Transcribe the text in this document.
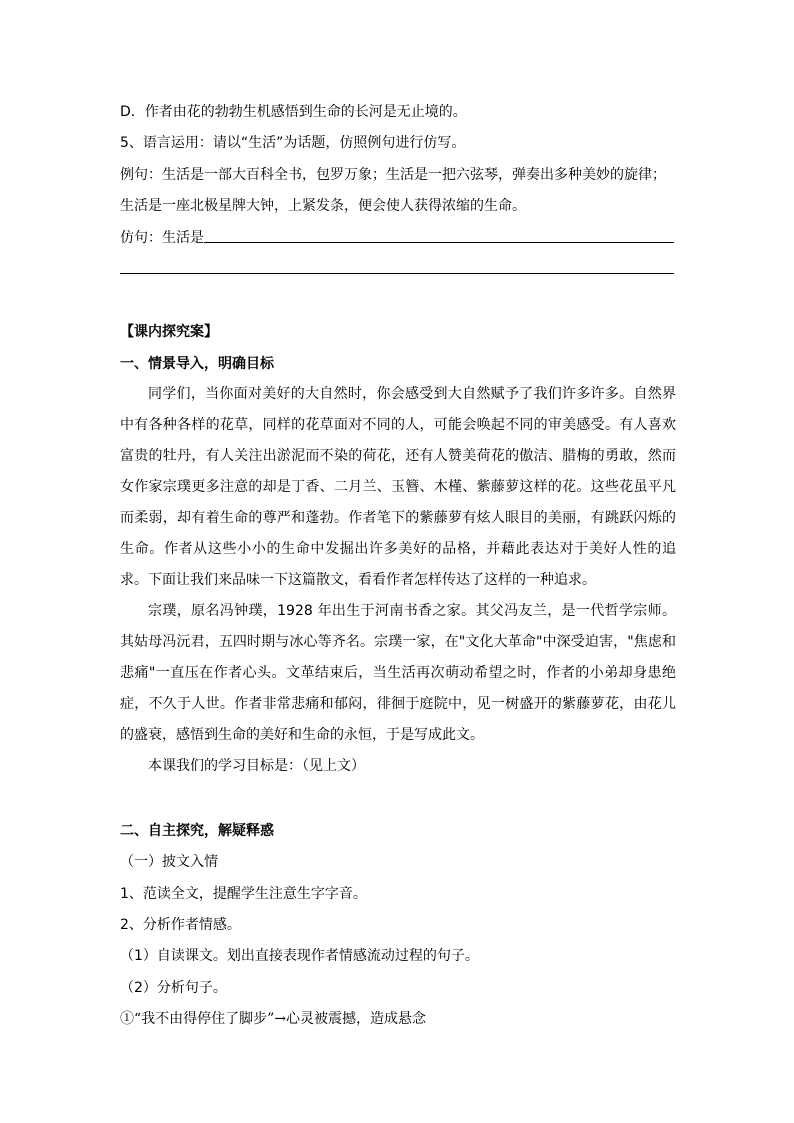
D．作者由花的勃勃生机感悟到生命的长河是无止境的。
5、语言运用：请以“生活”为话题，仿照例句进行仿写。
例句：生活是一部大百科全书，包罗万象；生活是一把六弦琴，弹奏出多种美妙的旋律；
生活是一座北极星牌大钟，上紧发条，便会使人获得浓缩的生命。
仿句：生活是
【课内探究案】
一、情景导入，明确目标
同学们，当你面对美好的大自然时，你会感受到大自然赋予了我们许多许多。自然界中有各种各样的花草，同样的花草面对不同的人，可能会唤起不同的审美感受。有人喜欢富贵的牡丹，有人关注出淤泥而不染的荷花，还有人赞美荷花的傲洁、腊梅的勇敢，然而女作家宗璞更多注意的却是丁香、二月兰、玉簪、木槿、紫藤萝这样的花。这些花虽平凡而柔弱，却有着生命的尊严和蓬勃。作者笔下的紫藤萝有炫人眼目的美丽，有跳跃闪烁的生命。作者从这些小小的生命中发掘出许多美好的品格，并藉此表达对于美好人性的追求。下面让我们来品味一下这篇散文，看看作者怎样传达了这样的一种追求。
宗璞，原名冯钟璞，1928 年出生于河南书香之家。其父冯友兰，是一代哲学宗师。其姑母冯沅君，五四时期与冰心等齐名。宗璞一家，在"文化大革命"中深受迫害，"焦虑和悲痛"一直压在作者心头。文革结束后，当生活再次萌动希望之时，作者的小弟却身患绝症，不久于人世。作者非常悲痛和郁闷，徘徊于庭院中，见一树盛开的紫藤萝花，由花儿的盛衰，感悟到生命的美好和生命的永恒，于是写成此文。
本课我们的学习目标是：（见上文）
二、自主探究，解疑释惑
（一）披文入情
1、范读全文，提醒学生注意生字字音。
2、分析作者情感。
（1）自读课文。划出直接表现作者情感流动过程的句子。
（2）分析句子。
①“我不由得停住了脚步”→心灵被震撼，造成悬念
